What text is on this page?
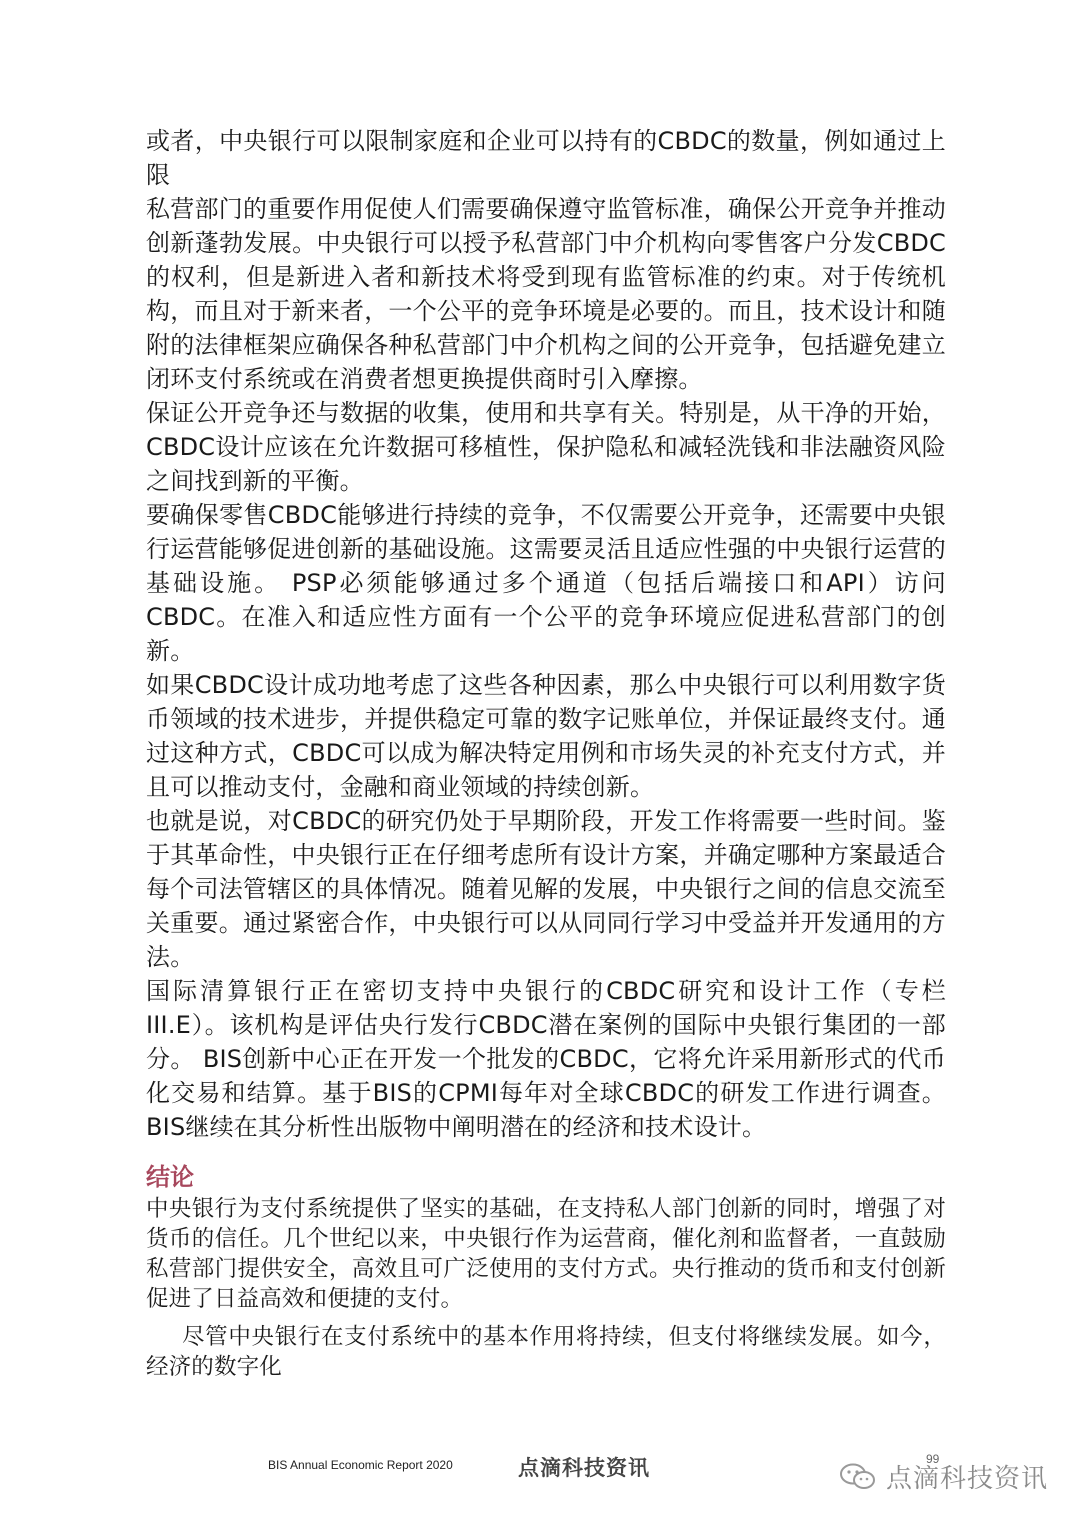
或者，中央银行可以限制家庭和企业可以持有的CBDC的数量，例如通过上限

私营部门的重要作用促使人们需要确保遵守监管标准，确保公开竞争并推动创新蓬勃发展。中央银行可以授予私营部门中介机构向零售客户分发CBDC的权利，但是新进入者和新技术将受到现有监管标准的约束。对于传统机构，而且对于新来者，一个公平的竞争环境是必要的。而且，技术设计和随附的法律框架应确保各种私营部门中介机构之间的公开竞争，包括避免建立闭环支付系统或在消费者想更换提供商时引入摩擦。

保证公开竞争还与数据的收集，使用和共享有关。特别是，从干净的开始，CBDC设计应该在允许数据可移植性，保护隐私和减轻洗钱和非法融资风险之间找到新的平衡。

要确保零售CBDC能够进行持续的竞争，不仅需要公开竞争，还需要中央银行运营能够促进创新的基础设施。这需要灵活且适应性强的中央银行运营的基础设施。 PSP必须能够通过多个通道（包括后端接口和API）访问CBDC。在准入和适应性方面有一个公平的竞争环境应促进私营部门的创新。

如果CBDC设计成功地考虑了这些各种因素，那么中央银行可以利用数字货币领域的技术进步，并提供稳定可靠的数字记账单位，并保证最终支付。通过这种方式，CBDC可以成为解决特定用例和市场失灵的补充支付方式，并且可以推动支付，金融和商业领域的持续创新。

也就是说，对CBDC的研究仍处于早期阶段，开发工作将需要一些时间。鉴于其革命性，中央银行正在仔细考虑所有设计方案，并确定哪种方案最适合每个司法管辖区的具体情况。随着见解的发展，中央银行之间的信息交流至关重要。通过紧密合作，中央银行可以从同同行学习中受益并开发通用的方法。

国际清算银行正在密切支持中央银行的CBDC研究和设计工作（专栏III.E）。该机构是评估央行发行CBDC潜在案例的国际中央银行集团的一部分。 BIS创新中心正在开发一个批发的CBDC，它将允许采用新形式的代币化交易和结算。基于BIS的CPMI每年对全球CBDC的研发工作进行调查。BIS继续在其分析性出版物中阐明潜在的经济和技术设计。

结论

中央银行为支付系统提供了坚实的基础，在支持私人部门创新的同时，增强了对货币的信任。几个世纪以来，中央银行作为运营商，催化剂和监督者，一直鼓励私营部门提供安全，高效且可广泛使用的支付方式。央行推动的货币和支付创新促进了日益高效和便捷的支付。

尽管中央银行在支付系统中的基本作用将持续，但支付将继续发展。如今，经济的数字化

BIS Annual Economic Report 2020	点滴科技资讯	99
点滴科技资讯
